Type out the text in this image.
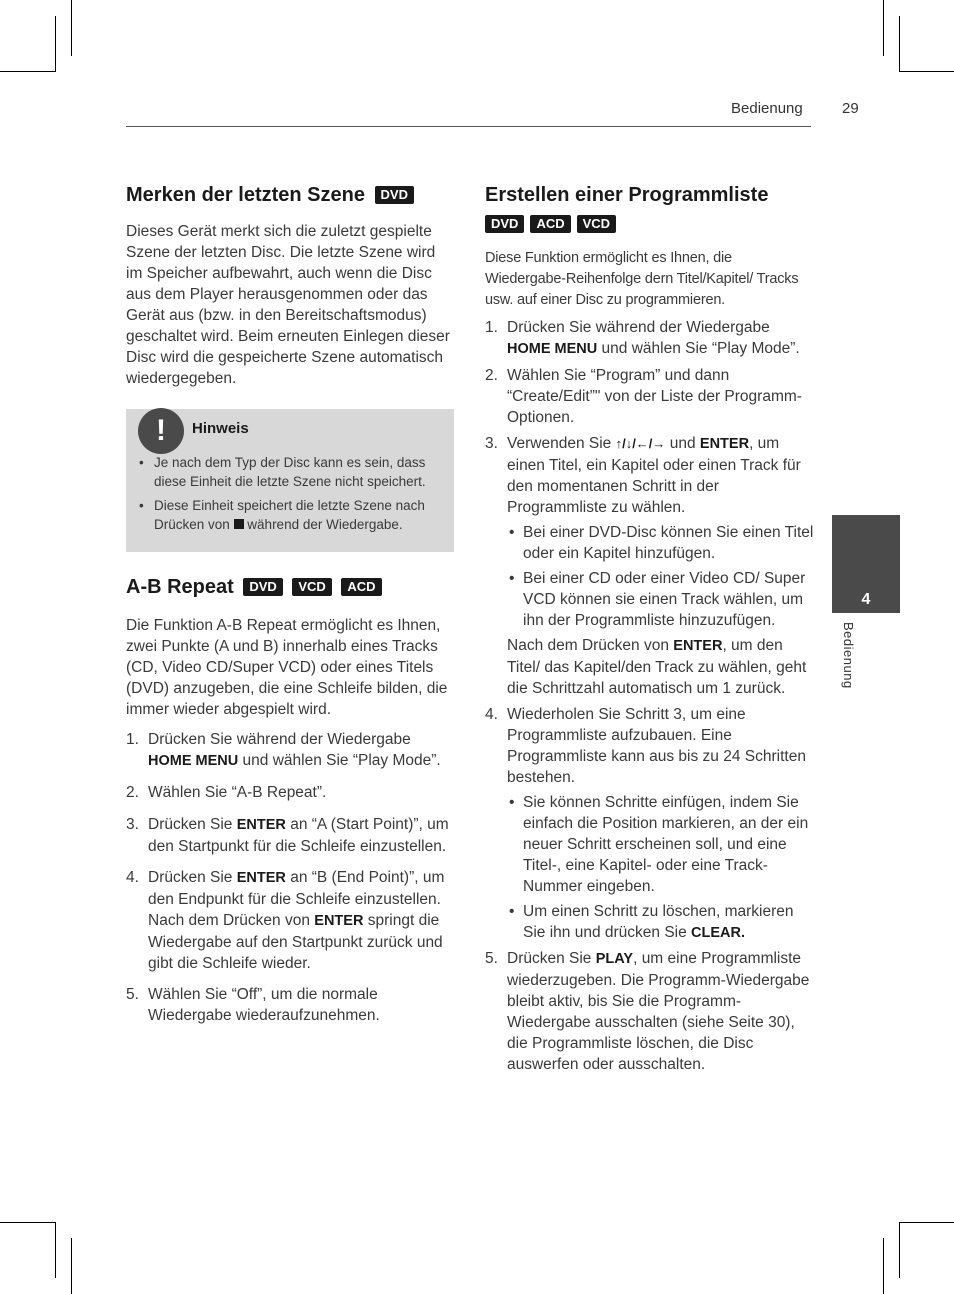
Bedienung	29
4
Bedienung
Merken der letzten Szene DVD

Dieses Gerät merkt sich die zuletzt gespielte Szene der letzten Disc. Die letzte Szene wird im Speicher aufbewahrt, auch wenn die Disc aus dem Player herausgenommen oder das Gerät aus (bzw. in den Bereitschaftsmodus) geschaltet wird. Beim erneuten Einlegen dieser Disc wird die gespeicherte Szene automatisch wiedergegeben.

!	Hinweis
• Je nach dem Typ der Disc kann es sein, dass diese Einheit die letzte Szene nicht speichert.
• Diese Einheit speichert die letzte Szene nach Drücken von  während der Wiedergabe.
A-B Repeat DVD VCD ACD

Die Funktion A-B Repeat ermöglicht es Ihnen, zwei Punkte (A und B) innerhalb eines Tracks (CD, Video CD/Super VCD) oder eines Titels (DVD) anzugeben, die eine Schleife bilden, die immer wieder abgespielt wird.

1. Drücken Sie während der Wiedergabe HOME MENU und wählen Sie “Play Mode”.
2. Wählen Sie “A-B Repeat”.
3. Drücken Sie ENTER an “A (Start Point)”, um den Startpunkt für die Schleife einzustellen.
4. Drücken Sie ENTER an “B (End Point)”, um den Endpunkt für die Schleife einzustellen.
Nach dem Drücken von ENTER springt die Wiedergabe auf den Startpunkt zurück und gibt die Schleife wieder.
5. Wählen Sie “Off”, um die normale Wiedergabe wiederaufzunehmen.
Erstellen einer Programmliste
DVD ACD VCD

Diese Funktion ermöglicht es Ihnen, die Wiedergabe-Reihenfolge dern Titel/Kapitel/ Tracks usw. auf einer Disc zu programmieren.

1. Drücken Sie während der Wiedergabe HOME MENU und wählen Sie “Play Mode”.
2. Wählen Sie “Program” und dann “Create/Edit”" von der Liste der Programm-Optionen.
3. Verwenden Sie ↑/↓/←/→ und ENTER, um einen Titel, ein Kapitel oder einen Track für den momentanen Schritt in der Programmliste zu wählen.
• Bei einer DVD-Disc können Sie einen Titel oder ein Kapitel hinzufügen.
• Bei einer CD oder einer Video CD/ Super VCD können sie einen Track wählen, um ihn der Programmliste hinzuzufügen.
Nach dem Drücken von ENTER, um den Titel/ das Kapitel/den Track zu wählen, geht die Schrittzahl automatisch um 1 zurück.
4. Wiederholen Sie Schritt 3, um eine Programmliste aufzubauen. Eine Programmliste kann aus bis zu 24 Schritten bestehen.
• Sie können Schritte einfügen, indem Sie einfach die Position markieren, an der ein neuer Schritt erscheinen soll, und eine Titel-, eine Kapitel- oder eine Track-Nummer eingeben.
• Um einen Schritt zu löschen, markieren Sie ihn und drücken Sie CLEAR.
5. Drücken Sie PLAY, um eine Programmliste wiederzugeben. Die Programm-Wiedergabe bleibt aktiv, bis Sie die Programm-Wiedergabe ausschalten (siehe Seite 30), die Programmliste löschen, die Disc auswerfen oder ausschalten.
